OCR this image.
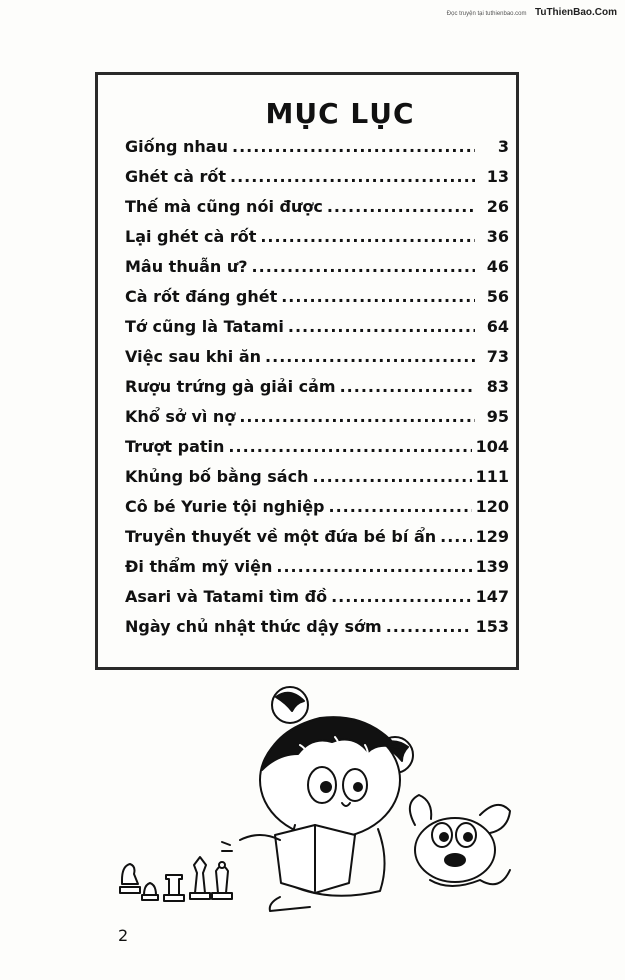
Đọc truyện tại tuthienbao.com TuThienBao.Com
MỤC LỤC
Giống nhau .....	3
Ghét cà rốt .....	13
Thế mà cũng nói được .....	26
Lại ghét cà rốt .....	36
Mâu thuẫn ư? .....	46
Cà rốt đáng ghét .....	56
Tớ cũng là Tatami .....	64
Việc sau khi ăn .....	73
Rượu trứng gà giải cảm .....	83
Khổ sở vì nợ .....	95
Trượt patin .....	104
Khủng bố bằng sách .....	111
Cô bé Yurie tội nghiệp .....	120
Truyền thuyết về một đứa bé bí ẩn ..... 129
Đi thẩm mỹ viện .....	139
Asari và Tatami tìm đồ .....	147
Ngày chủ nhật thức dậy sớm .....	153
2
